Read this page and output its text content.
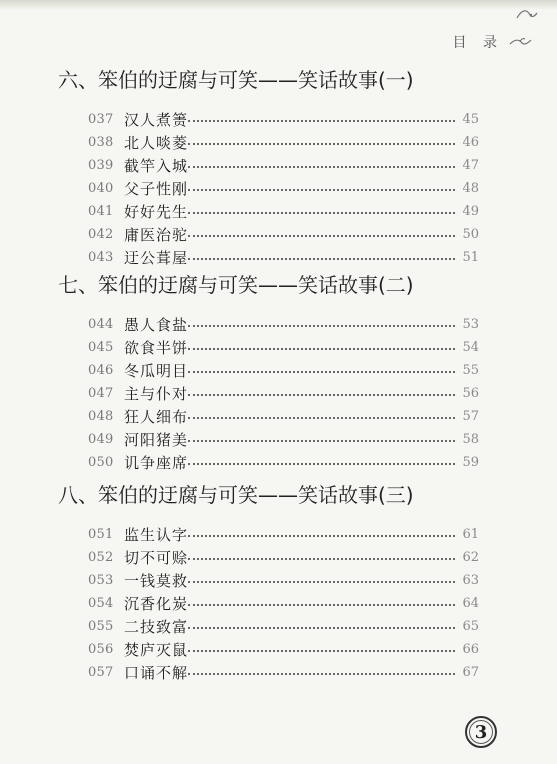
目 录
六、笨伯的迂腐与可笑——笑话故事(一)
037 汉人煮箦	45
038 北人啖菱	46
039 截竿入城	47
040 父子性刚	48
041 好好先生	49
042 庸医治驼	50
043 迂公葺屋	51
七、笨伯的迂腐与可笑——笑话故事(二)
044 愚人食盐	53
045 欲食半饼	54
046 冬瓜明目	55
047 主与仆对	56
048 狂人细布	57
049 河阳猪美	58
050 讥争座席	59
八、笨伯的迂腐与可笑——笑话故事(三)
051 监生认字	61
052 切不可赊	62
053 一钱莫救	63
054 沉香化炭	64
055 二技致富	65
056 焚庐灭鼠	66
057 口诵不解	67
3
